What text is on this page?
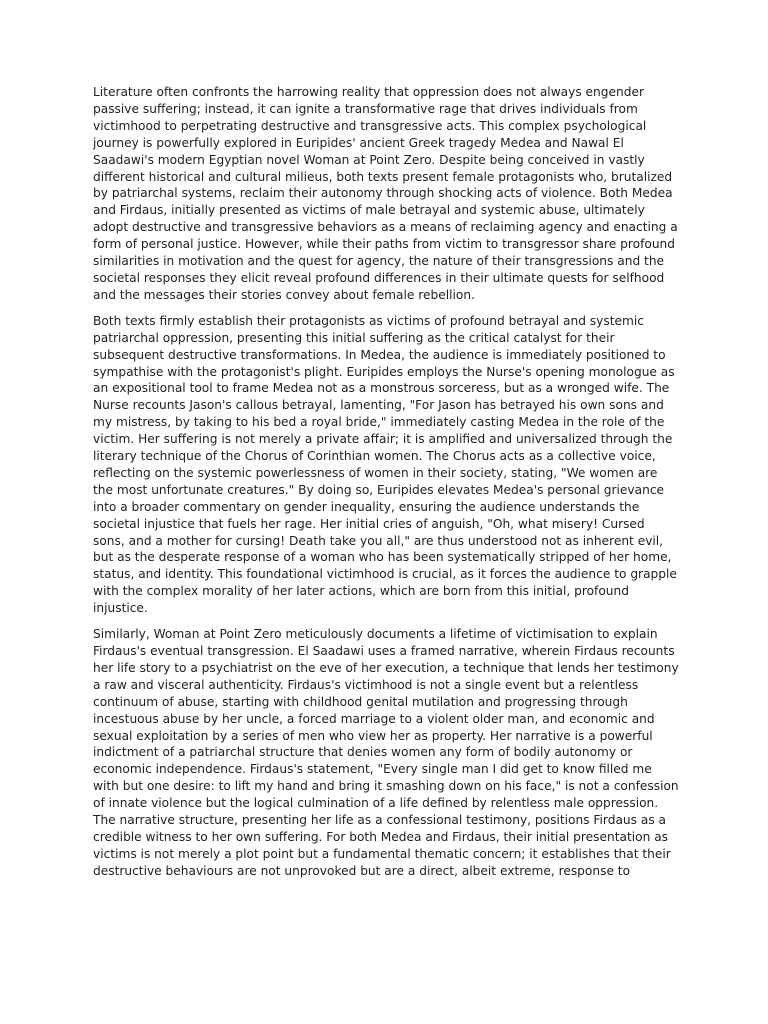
Literature often confronts the harrowing reality that oppression does not always engender passive suffering; instead, it can ignite a transformative rage that drives individuals from victimhood to perpetrating destructive and transgressive acts. This complex psychological journey is powerfully explored in Euripides' ancient Greek tragedy Medea and Nawal El Saadawi's modern Egyptian novel Woman at Point Zero. Despite being conceived in vastly different historical and cultural milieus, both texts present female protagonists who, brutalized by patriarchal systems, reclaim their autonomy through shocking acts of violence. Both Medea and Firdaus, initially presented as victims of male betrayal and systemic abuse, ultimately adopt destructive and transgressive behaviors as a means of reclaiming agency and enacting a form of personal justice. However, while their paths from victim to transgressor share profound similarities in motivation and the quest for agency, the nature of their transgressions and the societal responses they elicit reveal profound differences in their ultimate quests for selfhood and the messages their stories convey about female rebellion.

Both texts firmly establish their protagonists as victims of profound betrayal and systemic patriarchal oppression, presenting this initial suffering as the critical catalyst for their subsequent destructive transformations. In Medea, the audience is immediately positioned to sympathise with the protagonist's plight. Euripides employs the Nurse's opening monologue as an expositional tool to frame Medea not as a monstrous sorceress, but as a wronged wife. The Nurse recounts Jason's callous betrayal, lamenting, "For Jason has betrayed his own sons and my mistress, by taking to his bed a royal bride," immediately casting Medea in the role of the victim. Her suffering is not merely a private affair; it is amplified and universalized through the literary technique of the Chorus of Corinthian women. The Chorus acts as a collective voice, reflecting on the systemic powerlessness of women in their society, stating, "We women are the most unfortunate creatures." By doing so, Euripides elevates Medea's personal grievance into a broader commentary on gender inequality, ensuring the audience understands the societal injustice that fuels her rage. Her initial cries of anguish, "Oh, what misery! Cursed sons, and a mother for cursing! Death take you all," are thus understood not as inherent evil, but as the desperate response of a woman who has been systematically stripped of her home, status, and identity. This foundational victimhood is crucial, as it forces the audience to grapple with the complex morality of her later actions, which are born from this initial, profound injustice.

Similarly, Woman at Point Zero meticulously documents a lifetime of victimisation to explain Firdaus's eventual transgression. El Saadawi uses a framed narrative, wherein Firdaus recounts her life story to a psychiatrist on the eve of her execution, a technique that lends her testimony a raw and visceral authenticity. Firdaus's victimhood is not a single event but a relentless continuum of abuse, starting with childhood genital mutilation and progressing through incestuous abuse by her uncle, a forced marriage to a violent older man, and economic and sexual exploitation by a series of men who view her as property. Her narrative is a powerful indictment of a patriarchal structure that denies women any form of bodily autonomy or economic independence. Firdaus's statement, "Every single man I did get to know filled me with but one desire: to lift my hand and bring it smashing down on his face," is not a confession of innate violence but the logical culmination of a life defined by relentless male oppression. The narrative structure, presenting her life as a confessional testimony, positions Firdaus as a credible witness to her own suffering. For both Medea and Firdaus, their initial presentation as victims is not merely a plot point but a fundamental thematic concern; it establishes that their destructive behaviours are not unprovoked but are a direct, albeit extreme, response to
